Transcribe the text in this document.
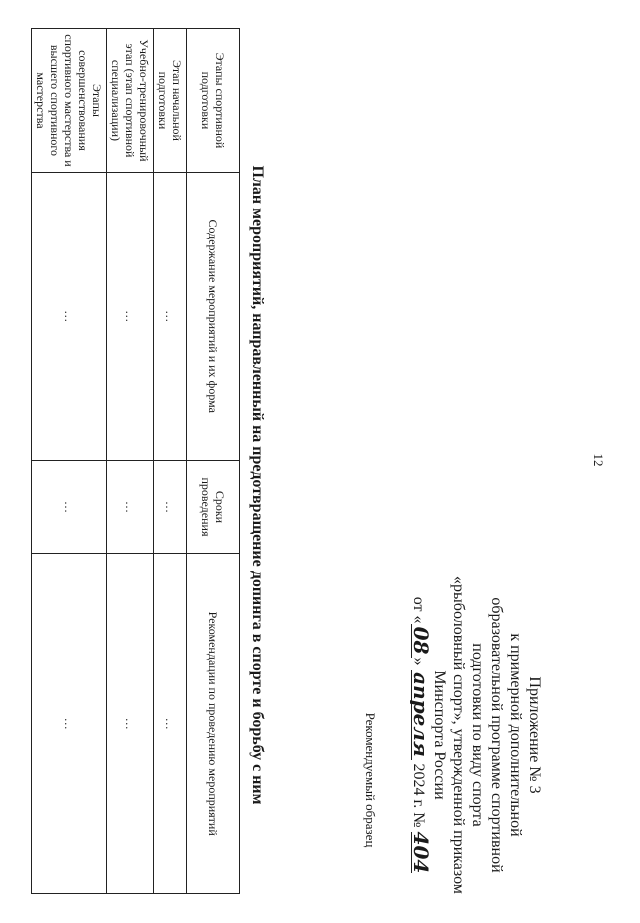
12
Приложение № 3
к примерной дополнительной
образовательной программе спортивной
подготовки по виду спорта
«рыболовный спорт», утвержденной приказом
Минспорта России
от «08» апреля 2024 г. № 404
Рекомендуемый образец
План мероприятий, направленный на предотвращение допинга в спорте и борьбу с ним
Этапы спортивной подготовки	Содержание мероприятий и их форма	Сроки проведения	Рекомендации по проведению мероприятий
Этап начальной подготовки	…	…	…
Учебно-тренировочный этап (этап спортивной специализации)	…	…	…
Этапы совершенствования спортивного мастерства и высшего спортивного мастерства	…	…	…
